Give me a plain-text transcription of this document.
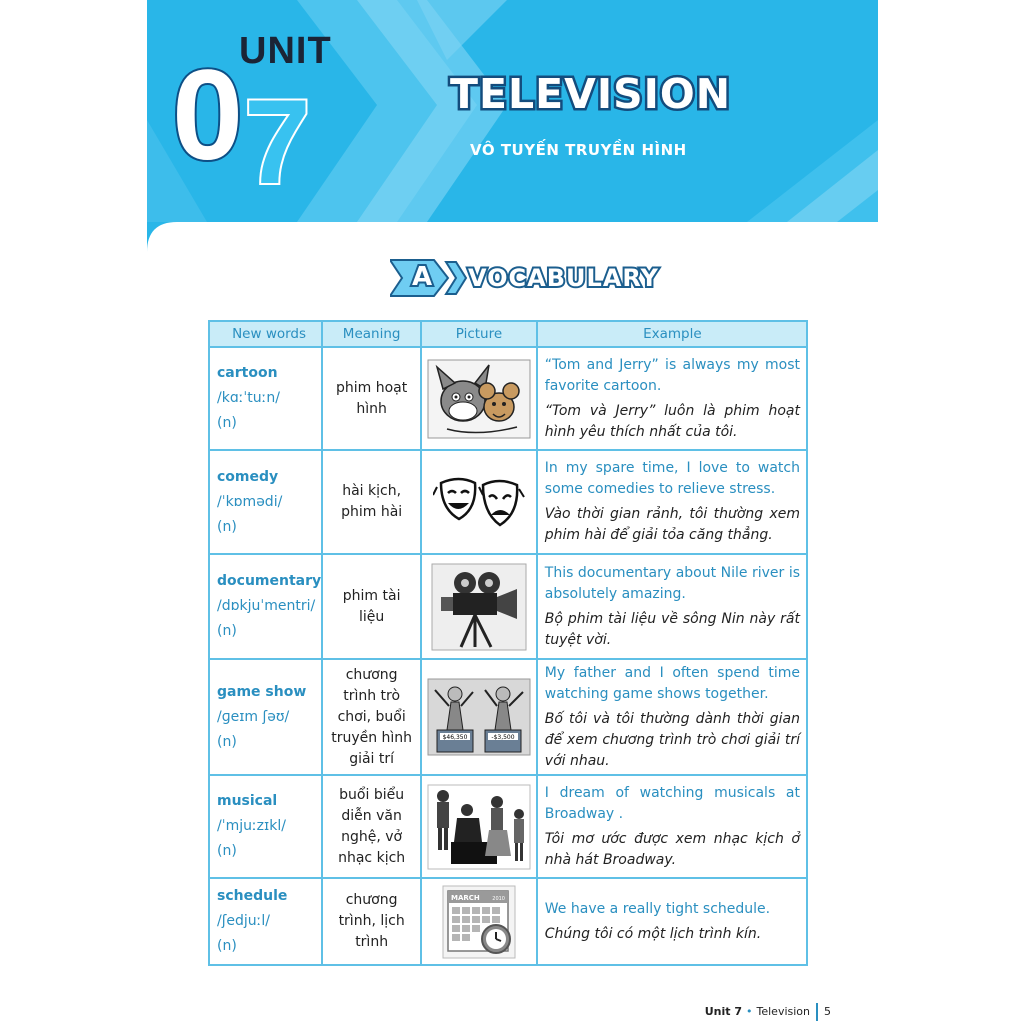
UNIT
0 7	TELEVISION
VÔ TUYẾN TRUYỀN HÌNH
A VOCABULARY
New words	Meaning	Picture	Example

cartoon
/kɑːˈtuːn/
(n)	phim hoạt hình		“Tom and Jerry” is always my most favorite cartoon.
“Tom và Jerry” luôn là phim hoạt hình yêu thích nhất của tôi.

comedy
/ˈkɒmədi/
(n)	hài kịch, phim hài		In my spare time, I love to watch some comedies to relieve stress.
Vào thời gian rảnh, tôi thường xem phim hài để giải tỏa căng thẳng.

documentary
/dɒkjuˈmentri/
(n)	phim tài liệu		This documentary about Nile river is absolutely amazing.
Bộ phim tài liệu về sông Nin này rất tuyệt vời.

game show
/ɡeɪm ʃəʊ/
(n)	chương trình trò chơi, buổi truyền hình giải trí	$46,350 -$3,500	My father and I often spend time watching game shows together.
Bố tôi và tôi thường dành thời gian để xem chương trình trò chơi giải trí với nhau.

musical
/ˈmjuːzɪkl/
(n)	buổi biểu diễn văn nghệ, vở nhạc kịch		I dream of watching musicals at Broadway .
Tôi mơ ước được xem nhạc kịch ở nhà hát Broadway.

schedule
/ʃedjuːl/
(n)	chương trình, lịch trình	MARCH 2010	We have a really tight schedule.
Chúng tôi có một lịch trình kín.
Unit 7 • Television 5
